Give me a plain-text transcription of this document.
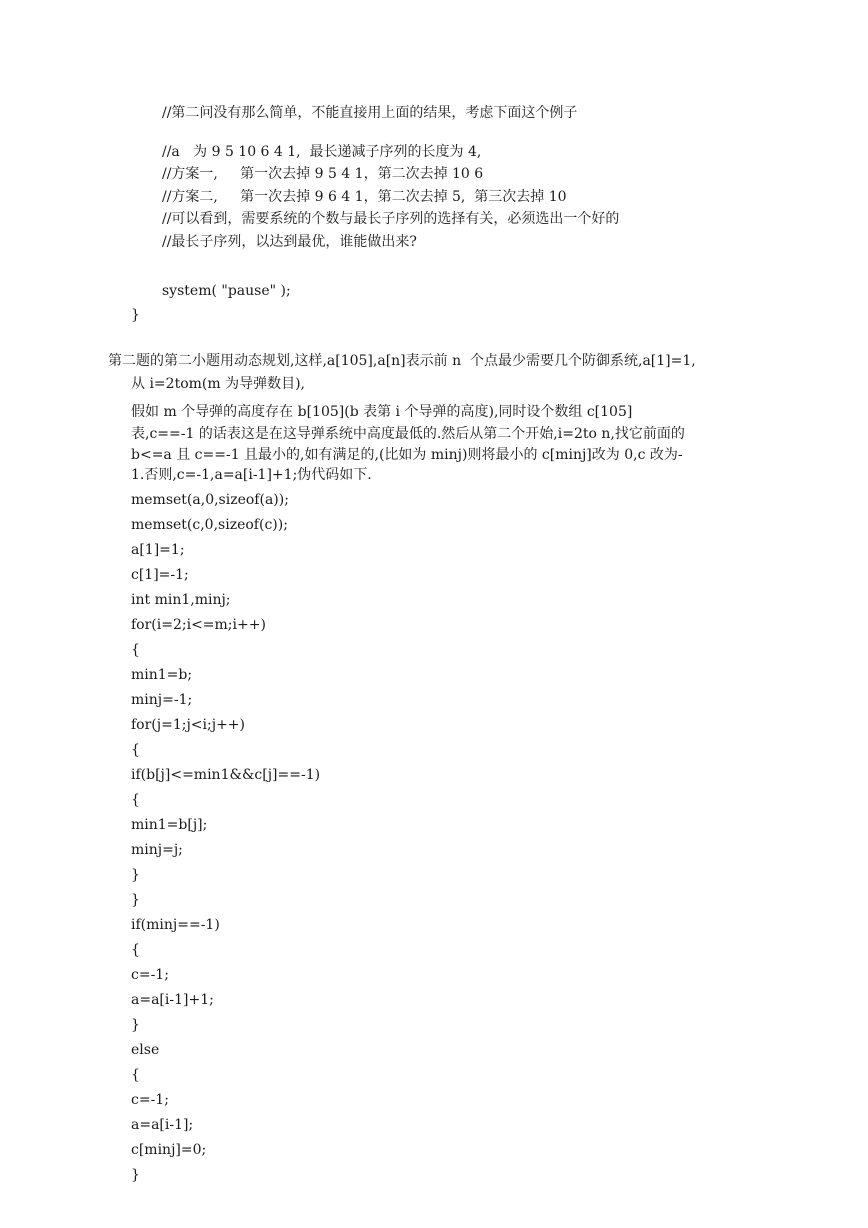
//第二问没有那么简单，不能直接用上面的结果，考虑下面这个例子
//a   为 9 5 10 6 4 1,  最长递减子序列的长度为 4,
//方案一,     第一次去掉 9 5 4 1，第二次去掉 10 6
//方案二,     第一次去掉 9 6 4 1，第二次去掉 5,  第三次去掉 10
//可以看到，需要系统的个数与最长子序列的选择有关，必须选出一个好的
//最长子序列，以达到最优，谁能做出来?
system( "pause" );
}
第二题的第二小题用动态规划,这样,a[105],a[n]表示前 n  个点最少需要几个防御系统,a[1]=1,
从 i=2tom(m 为导弹数目),
假如 m 个导弹的高度存在 b[105](b 表第 i 个导弹的高度),同时设个数组 c[105]
表,c==-1 的话表这是在这导弹系统中高度最低的.然后从第二个开始,i=2to n,找它前面的
b<=a 且 c==-1 且最小的,如有满足的,(比如为 minj)则将最小的 c[minj]改为 0,c 改为-
1.否则,c=-1,a=a[i-1]+1;伪代码如下.
memset(a,0,sizeof(a));
memset(c,0,sizeof(c));
a[1]=1;
c[1]=-1;
int min1,minj;
for(i=2;i<=m;i++)
{
min1=b;
minj=-1;
for(j=1;j<i;j++)
{
if(b[j]<=min1&&c[j]==-1)
{
min1=b[j];
minj=j;
}
}
if(minj==-1)
{
c=-1;
a=a[i-1]+1;
}
else
{
c=-1;
a=a[i-1];
c[minj]=0;
}
